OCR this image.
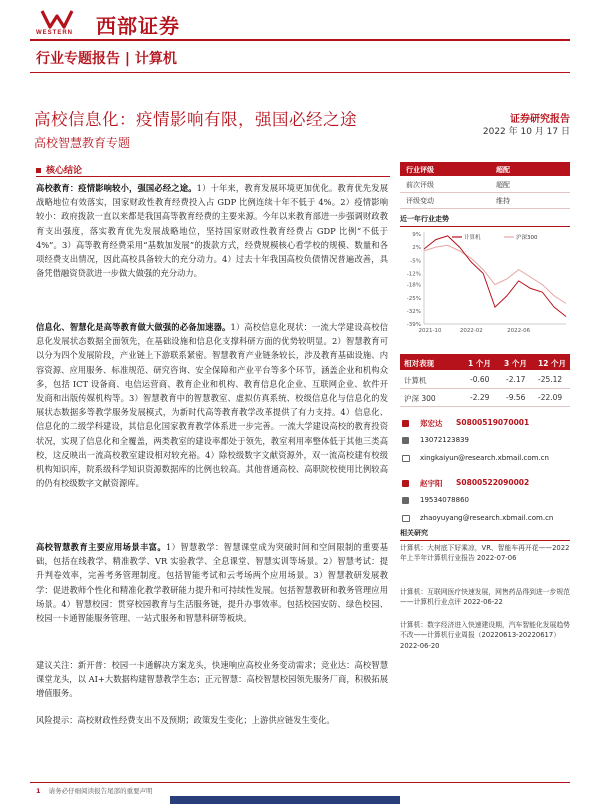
WESTERN 西部证券
行业专题报告 | 计算机
高校信息化：疫情影响有限，强国必经之途
高校智慧教育专题
证券研究报告
2022 年 10 月 17 日
核心结论
高校教育：疫情影响较小，强国必经之途。1）十年来，教育发展环境更加优化。教育优先发展战略地位有效落实，国家财政性教育经费投入占 GDP 比例连续十年不低于 4%。2）疫情影响较小：政府拨款一直以来都是我国高等教育经费的主要来源。今年以来教育部进一步强调财政教育支出强度，落实教育优先发展战略地位，坚持国家财政性教育经费占 GDP 比例“不低于 4%”。3）高等教育经费采用“基数加发展”的拨款方式，经费规模核心看学校的规模、数量和各项经费支出情况，因此高校具备较大的充分动力。4）过去十年我国高校负债情况普遍改善，具备凭借融资贷款进一步做大做强的充分动力。
信息化、智慧化是高等教育做大做强的必备加速器。1）高校信息化现状：一流大学建设高校信息化发展状态数据全面领先，在基础设施和信息化支撑科研方面的优势较明显。2）智慧教育可以分为四个发展阶段，产业链上下游联系紧密。智慧教育产业链条较长，涉及教育基础设施、内容资源、应用服务、标准规范、研究咨询、安全保障和产业平台等多个环节，涵盖企业和机构众多，包括 ICT 设备商、电信运营商、教育企业和机构、教育信息化企业、互联网企业、软件开发商和出版传媒机构等。3）智慧教育中的智慧教室、虚拟仿真系统、校级信息化与信息化的发展状态数据多等教学服务发展模式，为新时代高等教育教学改革提供了有力支持。4）信息化、信息化的二级学科建设，其信息化国家教育教学体系进一步完善。一流大学建设高校的教育投资状况，实现了信息化和全覆盖，两类教室的建设率都处于领先，教室利用率整体低于其他三类高校，这反映出一流高校教室建设相对较充裕。4）除校级数字文献资源外，双一流高校建有校级机构知识库，院系级科学知识资源数据库的比例也较高。其他普通高校、高职院校使用比例较高的仍有校级数字文献资源库。
高校智慧教育主要应用场景丰富。1）智慧教学：智慧课堂成为突破时间和空间限制的重要基础，包括在线教学、精准教学、VR 实验教学、全息课堂、智慧实训等场景。2）智慧考试：提升判卷效率，完善考务管理制度。包括智能考试和云考场两个应用场景。3）智慧教研发展教学：促进教师个性化和精准化教学教研能力提升和可持续性发展。包括智慧教研和教务管理应用场景。4）智慧校园：贯穿校园教育与生活服务链，提升办事效率。包括校园安防、绿色校园、校园一卡通智能服务管理、一站式服务和智慧科研等板块。
建议关注：新开普：校园一卡通解决方案龙头，快速响应高校业务变动需求；竞业达：高校智慧课堂龙头，以 AI+大数据构建智慧教学生态；正元智慧：高校智慧校园领先服务厂商，积极拓展增值服务。
风险提示：高校财政性经费支出不及预期；政策发生变化；上游供应链发生变化。
行业评级	超配
前次评级	超配
评级变动	维持
近一年行业走势
9%
2%
-5%
-12%
-18%
-25%
-32%
-39%
2021-10	2022-02	2022-06
计算机	沪深300
相对表现	1 个月 3 个月 12 个月
计算机	-0.60 -2.17 -25.12
沪深 300	-2.29 -9.56 -22.09
郑宏达 S0800519070001
13072123839
xingkaiyun@research.xbmail.com.cn
赵宇阳 S0800522090002
19534078860
zhaoyuyang@research.xbmail.com.cn
相关研究
计算机：大树底下好乘凉，VR、智能车再开花——2022 年上半年计算机行业报告 2022-07-06
计算机：互联网医疗快速发展，网售药品得到进一步规范——计算机行业点评 2022-06-22
计算机：数字经济进入快速建设期，汽车智能化发展趋势不改——计算机行业周报（20220613-20220617） 2022-06-20
1 请务必仔细阅读报告尾部的重要声明
